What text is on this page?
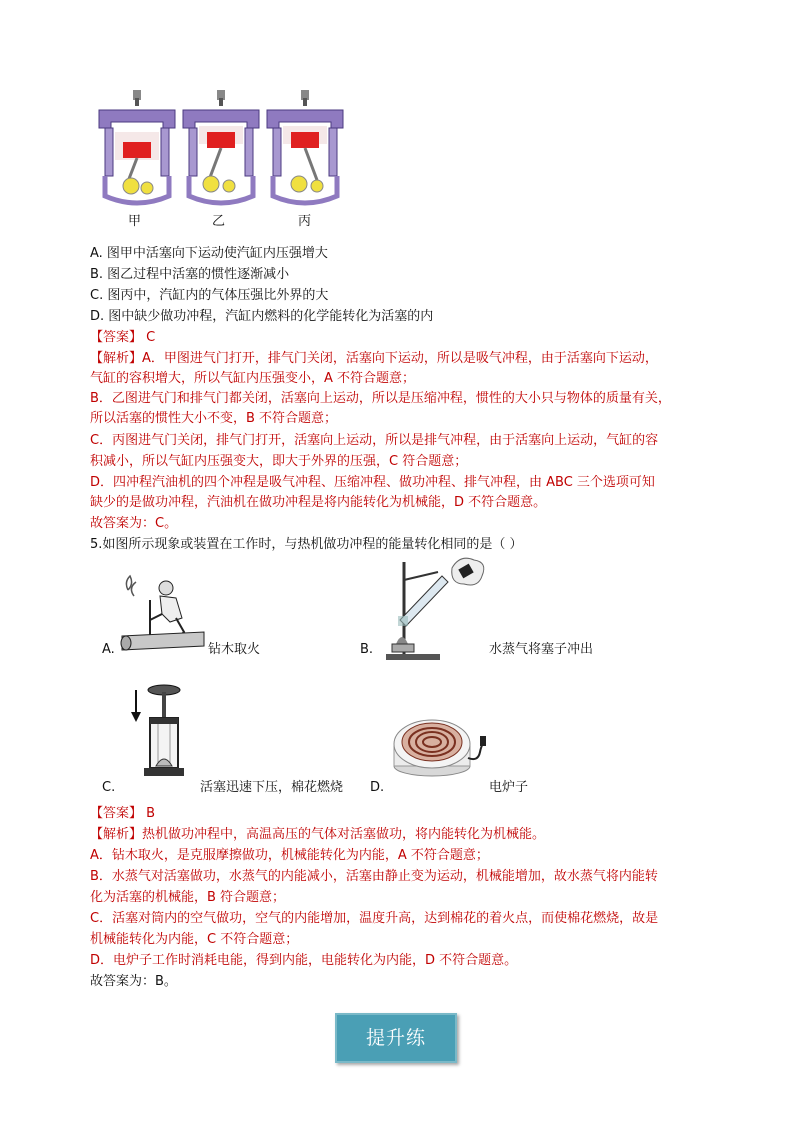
甲	乙	丙
A. 图甲中活塞向下运动使汽缸内压强增大
B. 图乙过程中活塞的惯性逐渐减小
C. 图丙中，汽缸内的气体压强比外界的大
D. 图中缺少做功冲程，汽缸内燃料的化学能转化为活塞的内
【答案】 C
【解析】A．甲图进气门打开，排气门关闭，活塞向下运动，所以是吸气冲程，由于活塞向下运动，
气缸的容积增大，所以气缸内压强变小，A 不符合题意；
B．乙图进气门和排气门都关闭，活塞向上运动，所以是压缩冲程，惯性的大小只与物体的质量有关，
所以活塞的惯性大小不变，B 不符合题意；
C．丙图进气门关闭，排气门打开，活塞向上运动，所以是排气冲程，由于活塞向上运动，气缸的容
积减小，所以气缸内压强变大，即大于外界的压强，C 符合题意；
D．四冲程汽油机的四个冲程是吸气冲程、压缩冲程、做功冲程、排气冲程，由 ABC 三个选项可知
缺少的是做功冲程，汽油机在做功冲程是将内能转化为机械能，D 不符合题意。
故答案为：C。
5.如图所示现象或装置在工作时，与热机做功冲程的能量转化相同的是（ ）
A.	钻木取火	B.	水蒸气将塞子冲出
C.	活塞迅速下压，棉花燃烧 D.	电炉子
【答案】 B
【解析】热机做功冲程中，高温高压的气体对活塞做功，将内能转化为机械能。
A．钻木取火，是克服摩擦做功，机械能转化为内能，A 不符合题意；
B．水蒸气对活塞做功，水蒸气的内能减小，活塞由静止变为运动，机械能增加，故水蒸气将内能转
化为活塞的机械能，B 符合题意；
C．活塞对筒内的空气做功，空气的内能增加，温度升高，达到棉花的着火点，而使棉花燃烧，故是
机械能转化为内能，C 不符合题意；
D．电炉子工作时消耗电能，得到内能，电能转化为内能，D 不符合题意。
故答案为：B。
提升练
